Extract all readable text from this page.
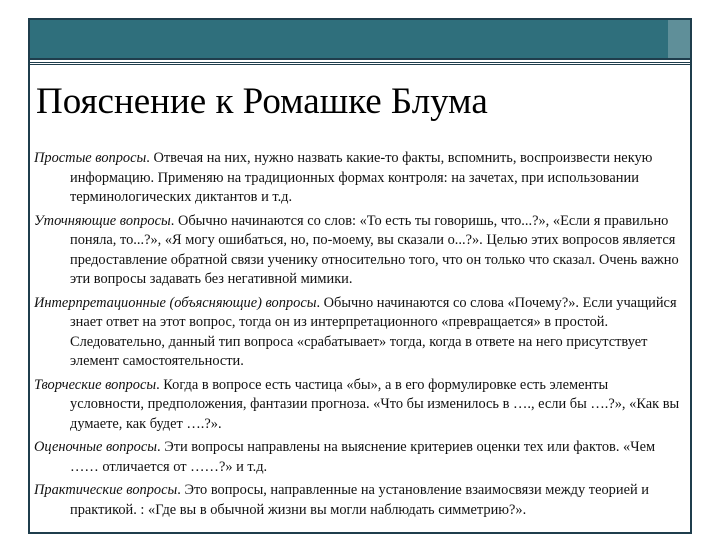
Пояснение к Ромашке Блума

Простые вопросы. Отвечая на них, нужно назвать какие-то факты, вспомнить, воспроизвести некую информацию. Применяю на традиционных формах контроля: на зачетах, при использовании терминологических диктантов и т.д.

Уточняющие вопросы. Обычно начинаются со слов: «То есть ты говоришь, что...?», «Если я правильно поняла, то...?», «Я могу ошибаться, но, по-моему, вы сказали о...?». Целью этих вопросов является предоставление обратной связи ученику относительно того, что он только что сказал. Очень важно эти вопросы задавать без негативной мимики.

Интерпретационные (объясняющие) вопросы. Обычно начинаются со слова «Почему?». Если учащийся знает ответ на этот вопрос, тогда он из интерпретационного «превращается» в простой. Следовательно, данный тип вопроса «срабатывает» тогда, когда в ответе на него присутствует элемент самостоятельности.

Творческие вопросы. Когда в вопросе есть частица «бы», а в его формулировке есть элементы условности, предположения, фантазии прогноза. «Что бы изменилось в …., если бы ….?», «Как вы думаете, как будет ….?».

Оценочные вопросы. Эти вопросы направлены на выяснение критериев оценки тех или фактов. «Чем …… отличается от ……?» и т.д.

Практические вопросы. Это вопросы, направленные на установление взаимосвязи между теорией и практикой. : «Где вы в обычной жизни вы могли наблюдать симметрию?».
